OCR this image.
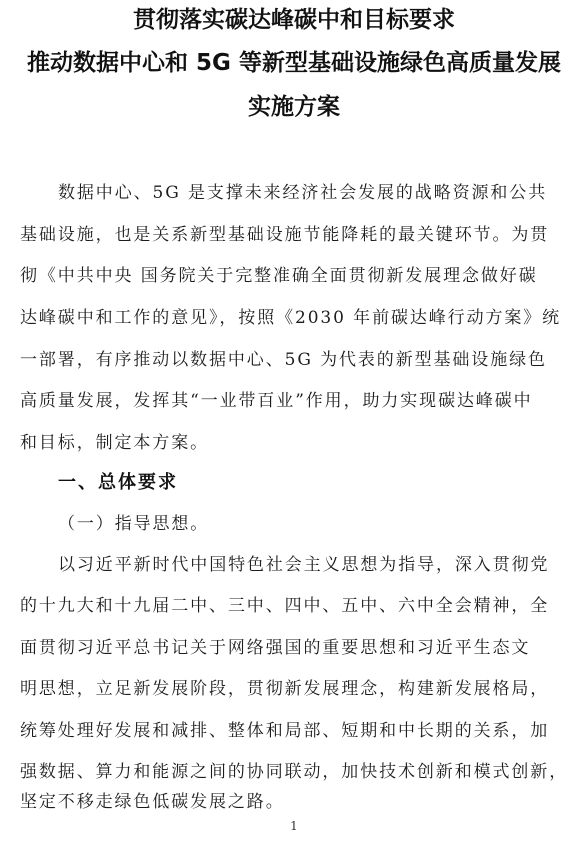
贯彻落实碳达峰碳中和目标要求
推动数据中心和 5G 等新型基础设施绿色高质量发展
实施方案
数据中心、5G 是支撑未来经济社会发展的战略资源和公共
基础设施，也是关系新型基础设施节能降耗的最关键环节。为贯
彻《中共中央 国务院关于完整准确全面贯彻新发展理念做好碳
达峰碳中和工作的意见》，按照《2030 年前碳达峰行动方案》统
一部署，有序推动以数据中心、5G 为代表的新型基础设施绿色
高质量发展，发挥其“一业带百业”作用，助力实现碳达峰碳中
和目标，制定本方案。
一、总体要求
（一）指导思想。
以习近平新时代中国特色社会主义思想为指导，深入贯彻党
的十九大和十九届二中、三中、四中、五中、六中全会精神，全
面贯彻习近平总书记关于网络强国的重要思想和习近平生态文
明思想，立足新发展阶段，贯彻新发展理念，构建新发展格局，
统筹处理好发展和减排、整体和局部、短期和中长期的关系，加
强数据、算力和能源之间的协同联动，加快技术创新和模式创新，
坚定不移走绿色低碳发展之路。
1
